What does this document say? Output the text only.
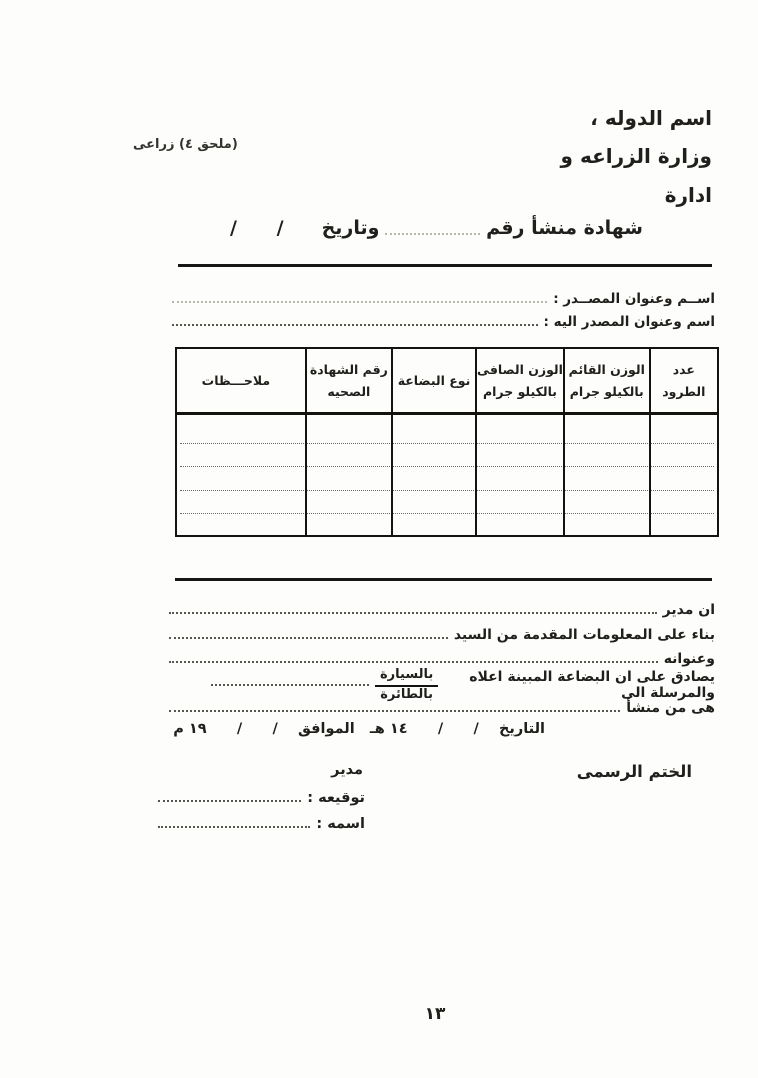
اسم الدوله ،
(ملحق ٤) زراعى	وزارة الزراعه و
ادارة
شهادة منشأ رقم
وتاريخ
/      /
اســم وعنوان المصــدر :
اسم وعنوان المصدر اليه :
عدد
الطرود
الوزن القائم
بالكيلو جرام
الوزن الصافى
بالكيلو جرام
نوع البضاعة
رقم الشهادة
الصحيه
ملاحـــظات
ان مدير
بناء على المعلومات المقدمة من السيد
وعنوانه
يصادق على ان البضاعة المبينة اعلاه والمرسلة الى
$\frac{\text{بالسيارة}}{\text{بالطائرة}}$
هى من منشأ
التاريخ    /      /      ١٤ هـ   الموافق    /      /      ١٩ م
الختم الرسمى
مدير
توقيعه :
اسمه :
١٣
